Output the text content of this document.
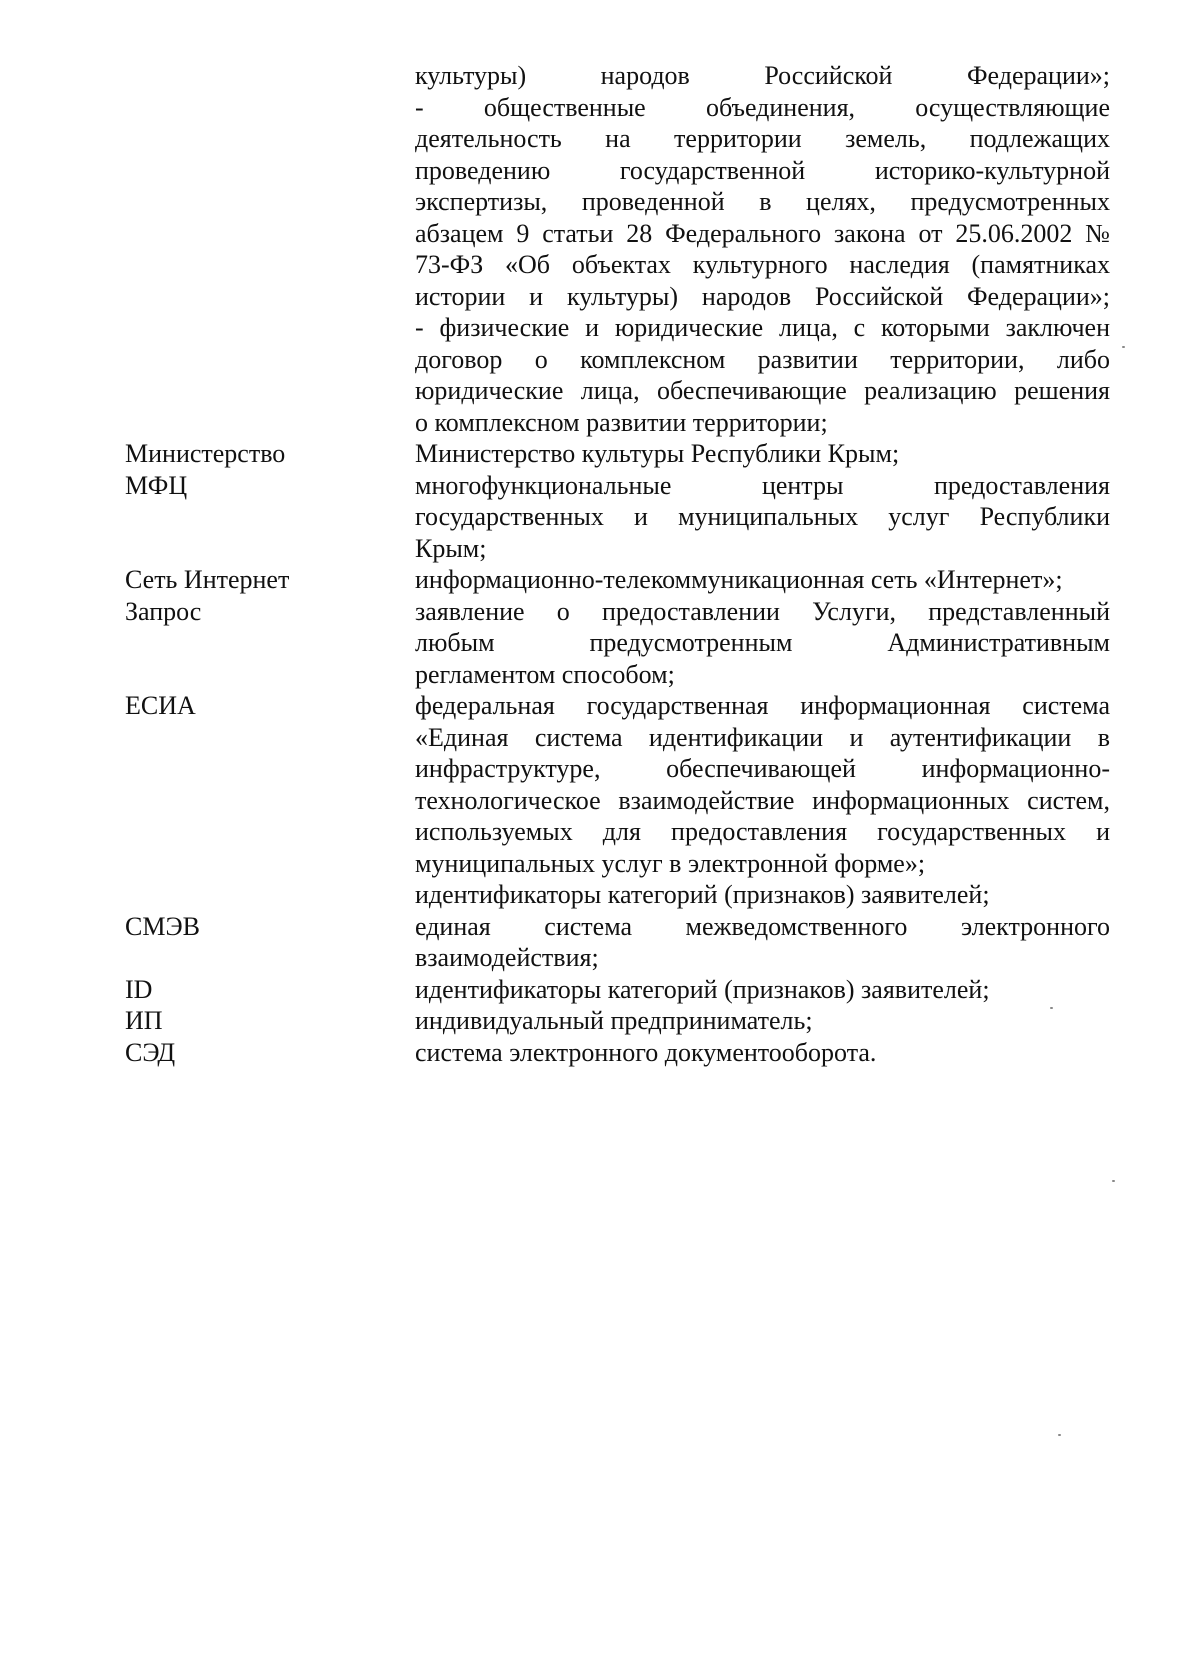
культуры) народов Российской Федерации»;
- общественные объединения, осуществляющие
деятельность на территории земель, подлежащих
проведению государственной историко-культурной
экспертизы, проведенной в целях, предусмотренных
абзацем 9 статьи 28 Федерального закона от 25.06.2002 №
73-ФЗ «Об объектах культурного наследия (памятниках
истории и культуры) народов Российской Федерации»;
- физические и юридические лица, с которыми заключен
договор о комплексном развитии территории, либо
юридические лица, обеспечивающие реализацию решения
о комплексном развитии территории;
Министерство	Министерство культуры Республики Крым;
МФЦ	многофункциональные центры предоставления
государственных и муниципальных услуг Республики
Крым;
Сеть Интернет	информационно-телекоммуникационная сеть «Интернет»;
Запрос	заявление о предоставлении Услуги, представленный
любым предусмотренным Административным
регламентом способом;
ЕСИА	федеральная государственная информационная система
«Единая система идентификации и аутентификации в
инфраструктуре, обеспечивающей информационно-
технологическое взаимодействие информационных систем,
используемых для предоставления государственных и
муниципальных услуг в электронной форме»;
идентификаторы категорий (признаков) заявителей;
СМЭВ	единая система межведомственного электронного
взаимодействия;
ID	идентификаторы категорий (признаков) заявителей;
ИП	индивидуальный предприниматель;
СЭД	система электронного документооборота.
